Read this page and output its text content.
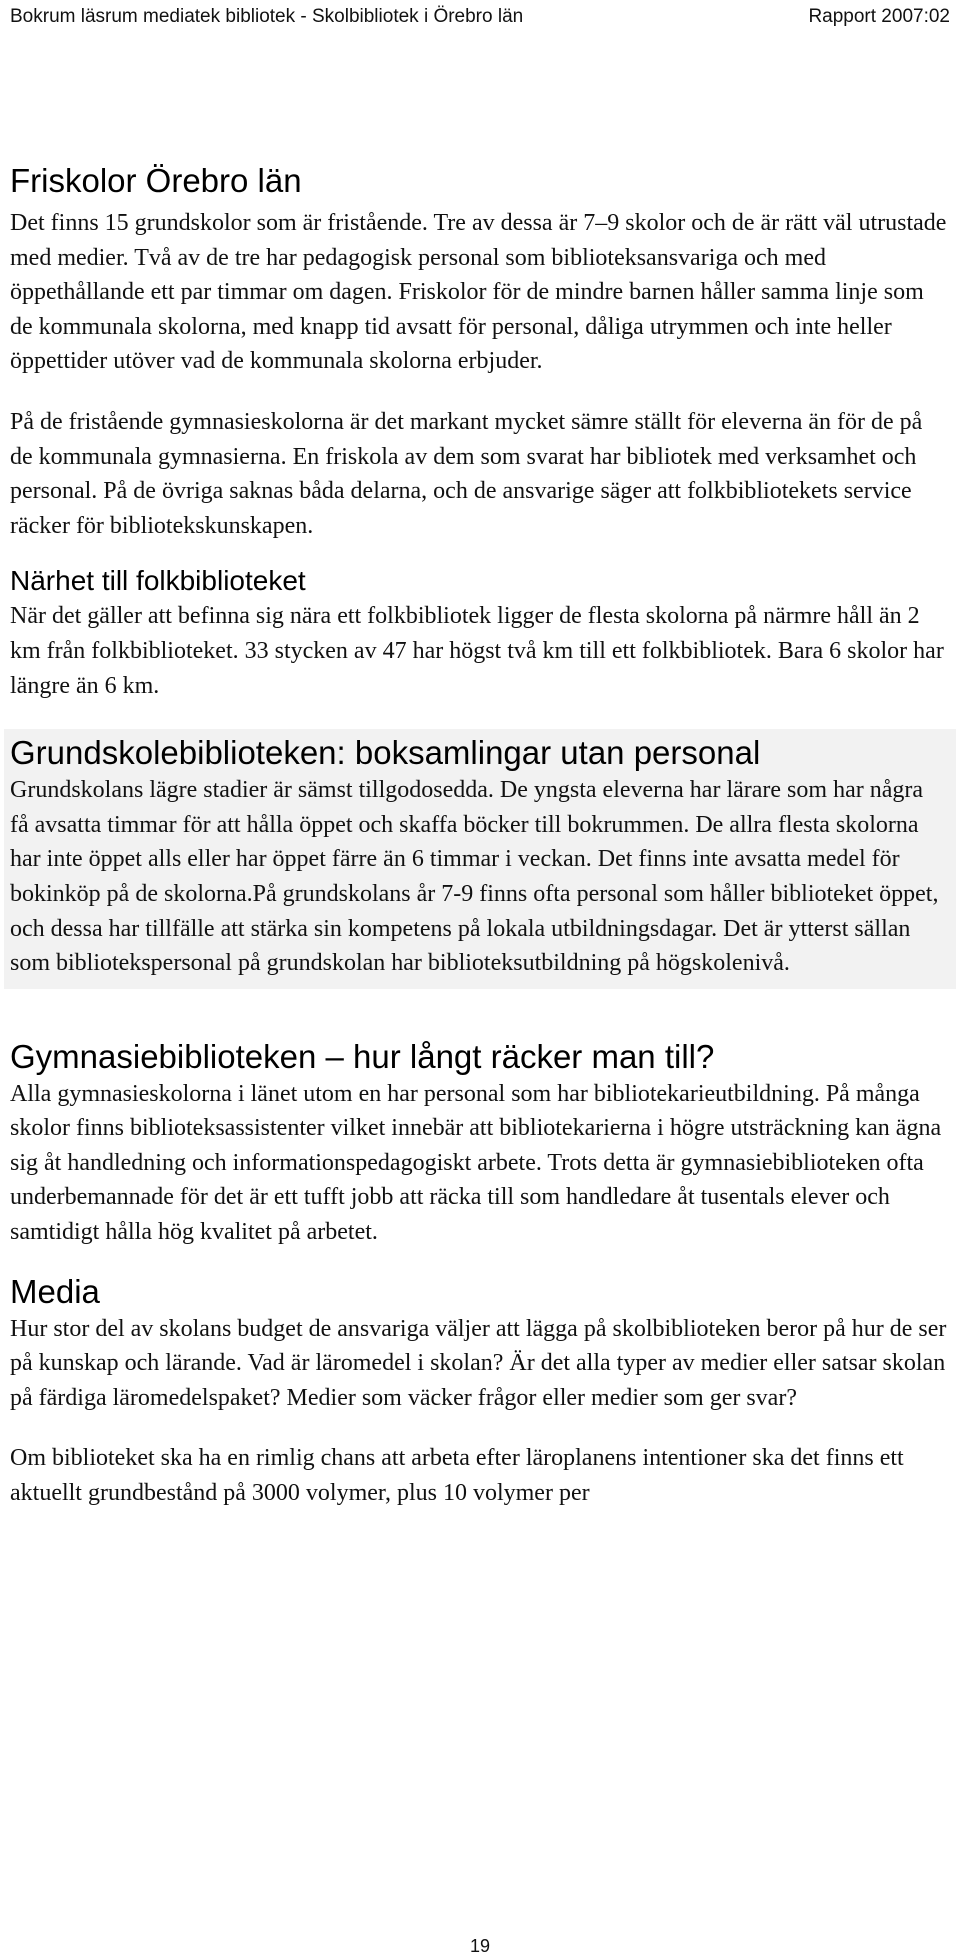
Bokrum läsrum mediatek bibliotek - Skolbibliotek i Örebro län	Rapport 2007:02
Friskolor Örebro län

Det finns 15 grundskolor som är fristående. Tre av dessa är 7–9 skolor och de är rätt väl utrustade med medier. Två av de tre har pedagogisk personal som biblioteksansvariga och med öppethållande ett par timmar om dagen. Friskolor för de mindre barnen håller samma linje som de kommunala skolorna, med knapp tid avsatt för personal, dåliga utrymmen och inte heller öppettider utöver vad de kommunala skolorna erbjuder.

På de fristående gymnasieskolorna är det markant mycket sämre ställt för eleverna än för de på de kommunala gymnasierna. En friskola av dem som svarat har bibliotek med verksamhet och personal. På de övriga saknas båda delarna, och de ansvarige säger att folkbibliotekets service räcker för bibliotekskunskapen.

Närhet till folkbiblioteket

När det gäller att befinna sig nära ett folkbibliotek ligger de flesta skolorna på närmre håll än 2 km från folkbiblioteket. 33 stycken av 47 har högst två km till ett folkbibliotek. Bara 6 skolor har längre än 6 km.

Grundskolebiblioteken: boksamlingar utan personal

Grundskolans lägre stadier är sämst tillgodosedda. De yngsta eleverna har lärare som har några få avsatta timmar för att hålla öppet och skaffa böcker till bokrummen. De allra flesta skolorna har inte öppet alls eller har öppet färre än 6 timmar i veckan. Det finns inte avsatta medel för bokinköp på de skolorna.På grundskolans år 7-9 finns ofta personal som håller biblioteket öppet, och dessa har tillfälle att stärka sin kompetens på lokala utbildningsdagar. Det är ytterst sällan som bibliotekspersonal på grundskolan har biblioteksutbildning på högskolenivå.

Gymnasiebiblioteken – hur långt räcker man till?

Alla gymnasieskolorna i länet utom en har personal som har bibliotekarieutbildning. På många skolor finns biblioteksassistenter vilket innebär att bibliotekarierna i högre utsträckning kan ägna sig åt handledning och informationspedagogiskt arbete. Trots detta är gymnasiebiblioteken ofta underbemannade för det är ett tufft jobb att räcka till som handledare åt tusentals elever och samtidigt hålla hög kvalitet på arbetet.

Media

Hur stor del av skolans budget de ansvariga väljer att lägga på skolbiblioteken beror på hur de ser på kunskap och lärande. Vad är läromedel i skolan? Är det alla typer av medier eller satsar skolan på färdiga läromedelspaket? Medier som väcker frågor eller medier som ger svar?

Om biblioteket ska ha en rimlig chans att arbeta efter läroplanens intentioner ska det finns ett aktuellt grundbestånd på 3000 volymer, plus 10 volymer per

19
